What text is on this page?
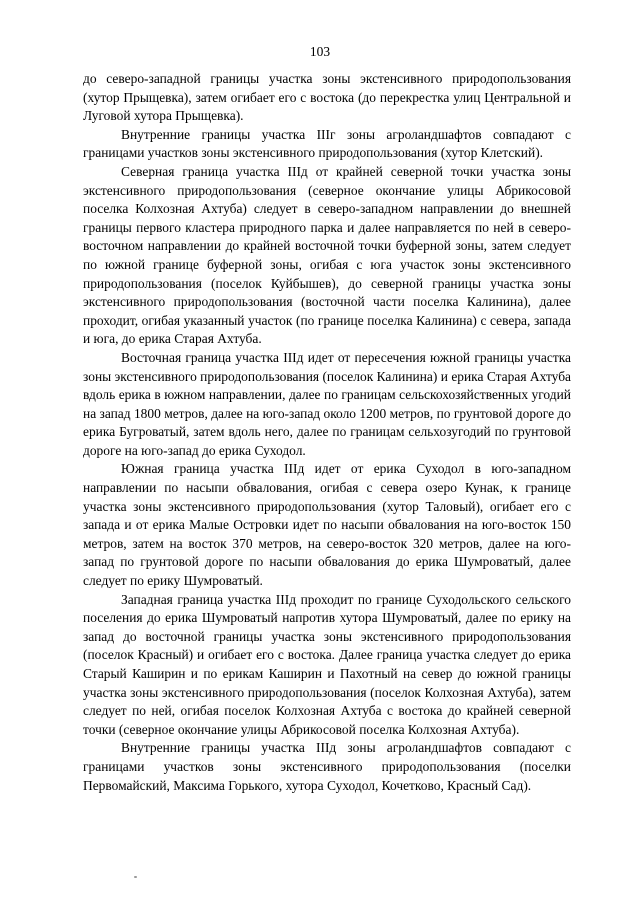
103

до северо-западной границы участка зоны экстенсивного природопользования (хутор Прыщевка), затем огибает его с востока (до перекрестка улиц Центральной и Луговой хутора Прыщевка).

Внутренние границы участка IIIг зоны агроландшафтов совпадают с границами участков зоны экстенсивного природопользования (хутор Клетский).

Северная граница участка IIIд от крайней северной точки участка зоны экстенсивного природопользования (северное окончание улицы Абрикосовой поселка Колхозная Ахтуба) следует в северо-западном направлении до внешней границы первого кластера природного парка и далее направляется по ней в северо-восточном направлении до крайней восточной точки буферной зоны, затем следует по южной границе буферной зоны, огибая с юга участок зоны экстенсивного природопользования (поселок Куйбышев), до северной границы участка зоны экстенсивного природопользования (восточной части поселка Калинина), далее проходит, огибая указанный участок (по границе поселка Калинина) с севера, запада и юга, до ерика Старая Ахтуба.

Восточная граница участка IIIд идет от пересечения южной границы участка зоны экстенсивного природопользования (поселок Калинина) и ерика Старая Ахтуба вдоль ерика в южном направлении, далее по границам сельскохозяйственных угодий на запад 1800 метров, далее на юго-запад около 1200 метров, по грунтовой дороге до ерика Бугроватый, затем вдоль него, далее по границам сельхозугодий по грунтовой дороге на юго-запад до ерика Суходол.

Южная граница участка IIIд идет от ерика Суходол в юго-западном направлении по насыпи обвалования, огибая с севера озеро Кунак, к границе участка зоны экстенсивного природопользования (хутор Таловый), огибает его с запада и от ерика Малые Островки идет по насыпи обвалования на юго-восток 150 метров, затем на восток 370 метров, на северо-восток 320 метров, далее на юго-запад по грунтовой дороге по насыпи обвалования до ерика Шумроватый, далее следует по ерику Шумроватый.

Западная граница участка IIIд проходит по границе Суходольского сельского поселения до ерика Шумроватый напротив хутора Шумроватый, далее по ерику на запад до восточной границы участка зоны экстенсивного природопользования (поселок Красный) и огибает его с востока. Далее граница участка следует до ерика Старый Каширин и по ерикам Каширин и Пахотный на север до южной границы участка зоны экстенсивного природопользования (поселок Колхозная Ахтуба), затем следует по ней, огибая поселок Колхозная Ахтуба с востока до крайней северной точки (северное окончание улицы Абрикосовой поселка Колхозная Ахтуба).

Внутренние границы участка IIIд зоны агроландшафтов совпадают с границами участков зоны экстенсивного природопользования (поселки Первомайский, Максима Горького, хутора Суходол, Кочетково, Красный Сад).
